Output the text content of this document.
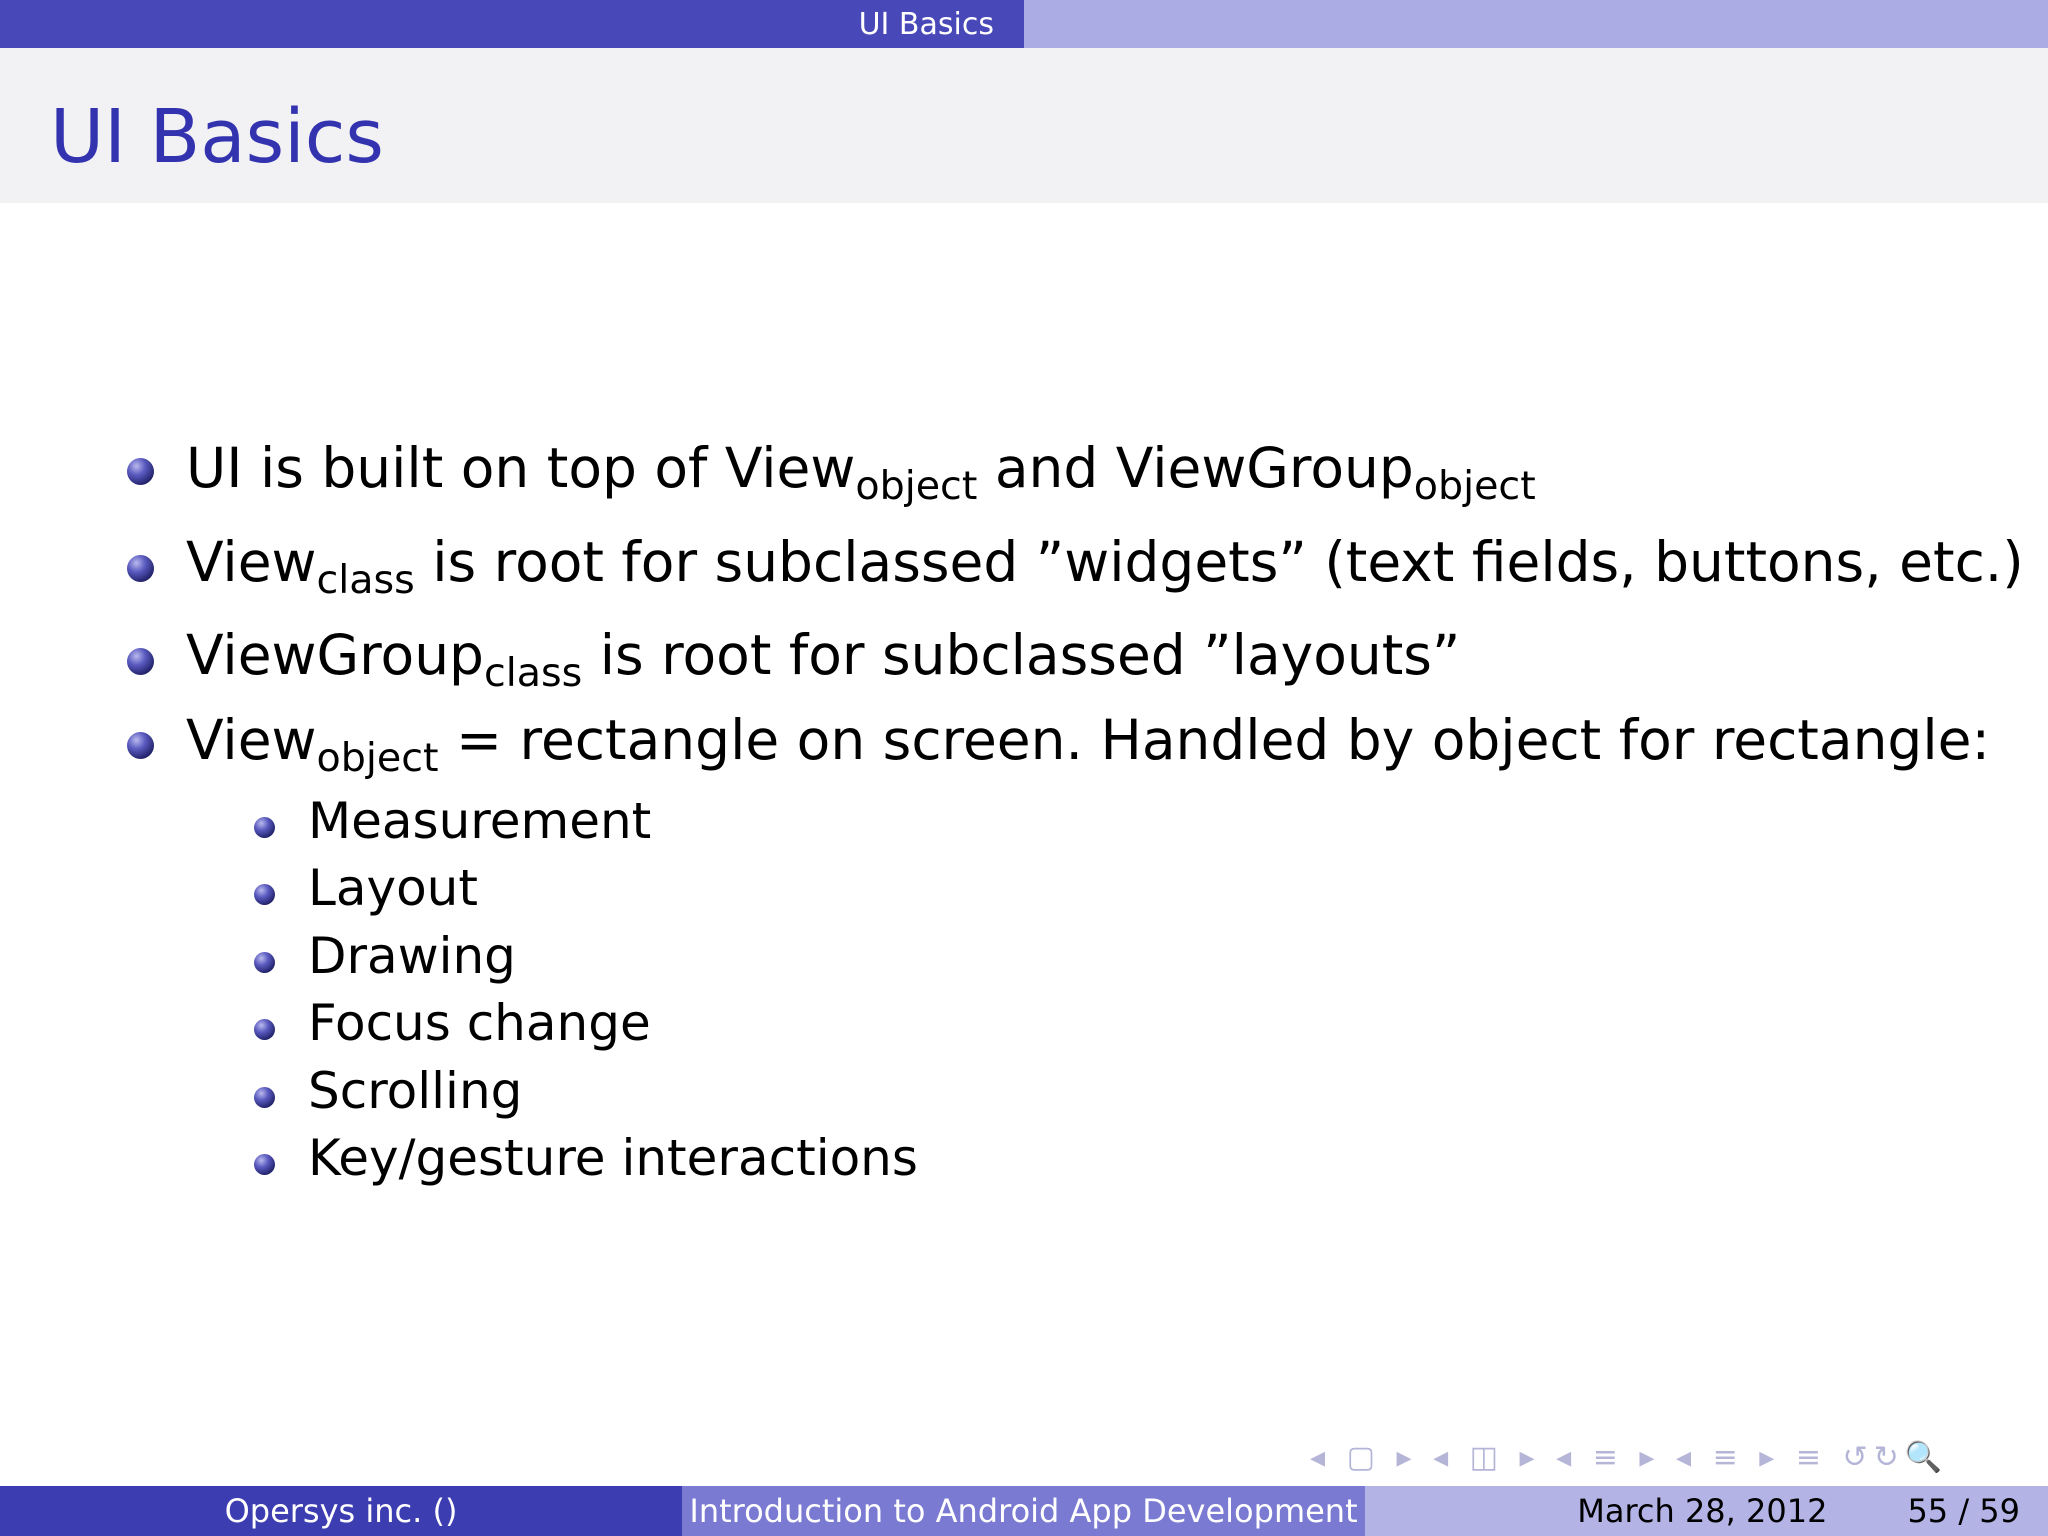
UI Basics
UI Basics
UI is built on top of View$_{object}$ and ViewGroup$_{object}$
View$_{class}$ is root for subclassed ”widgets” (text fields, buttons, etc.)
ViewGroup$_{class}$ is root for subclassed ”layouts”
View$_{object}$ = rectangle on screen. Handled by object for rectangle:
Measurement
Layout
Drawing
Focus change
Scrolling
Key/gesture interactions
◂ ▢ ▸ ◂ ◫ ▸ ◂ ≡ ▸ ◂ ≡ ▸ ≡ ↺↻🔍
Opersys inc. ()	Introduction to Android App Development	March 28, 2012	55 / 59
